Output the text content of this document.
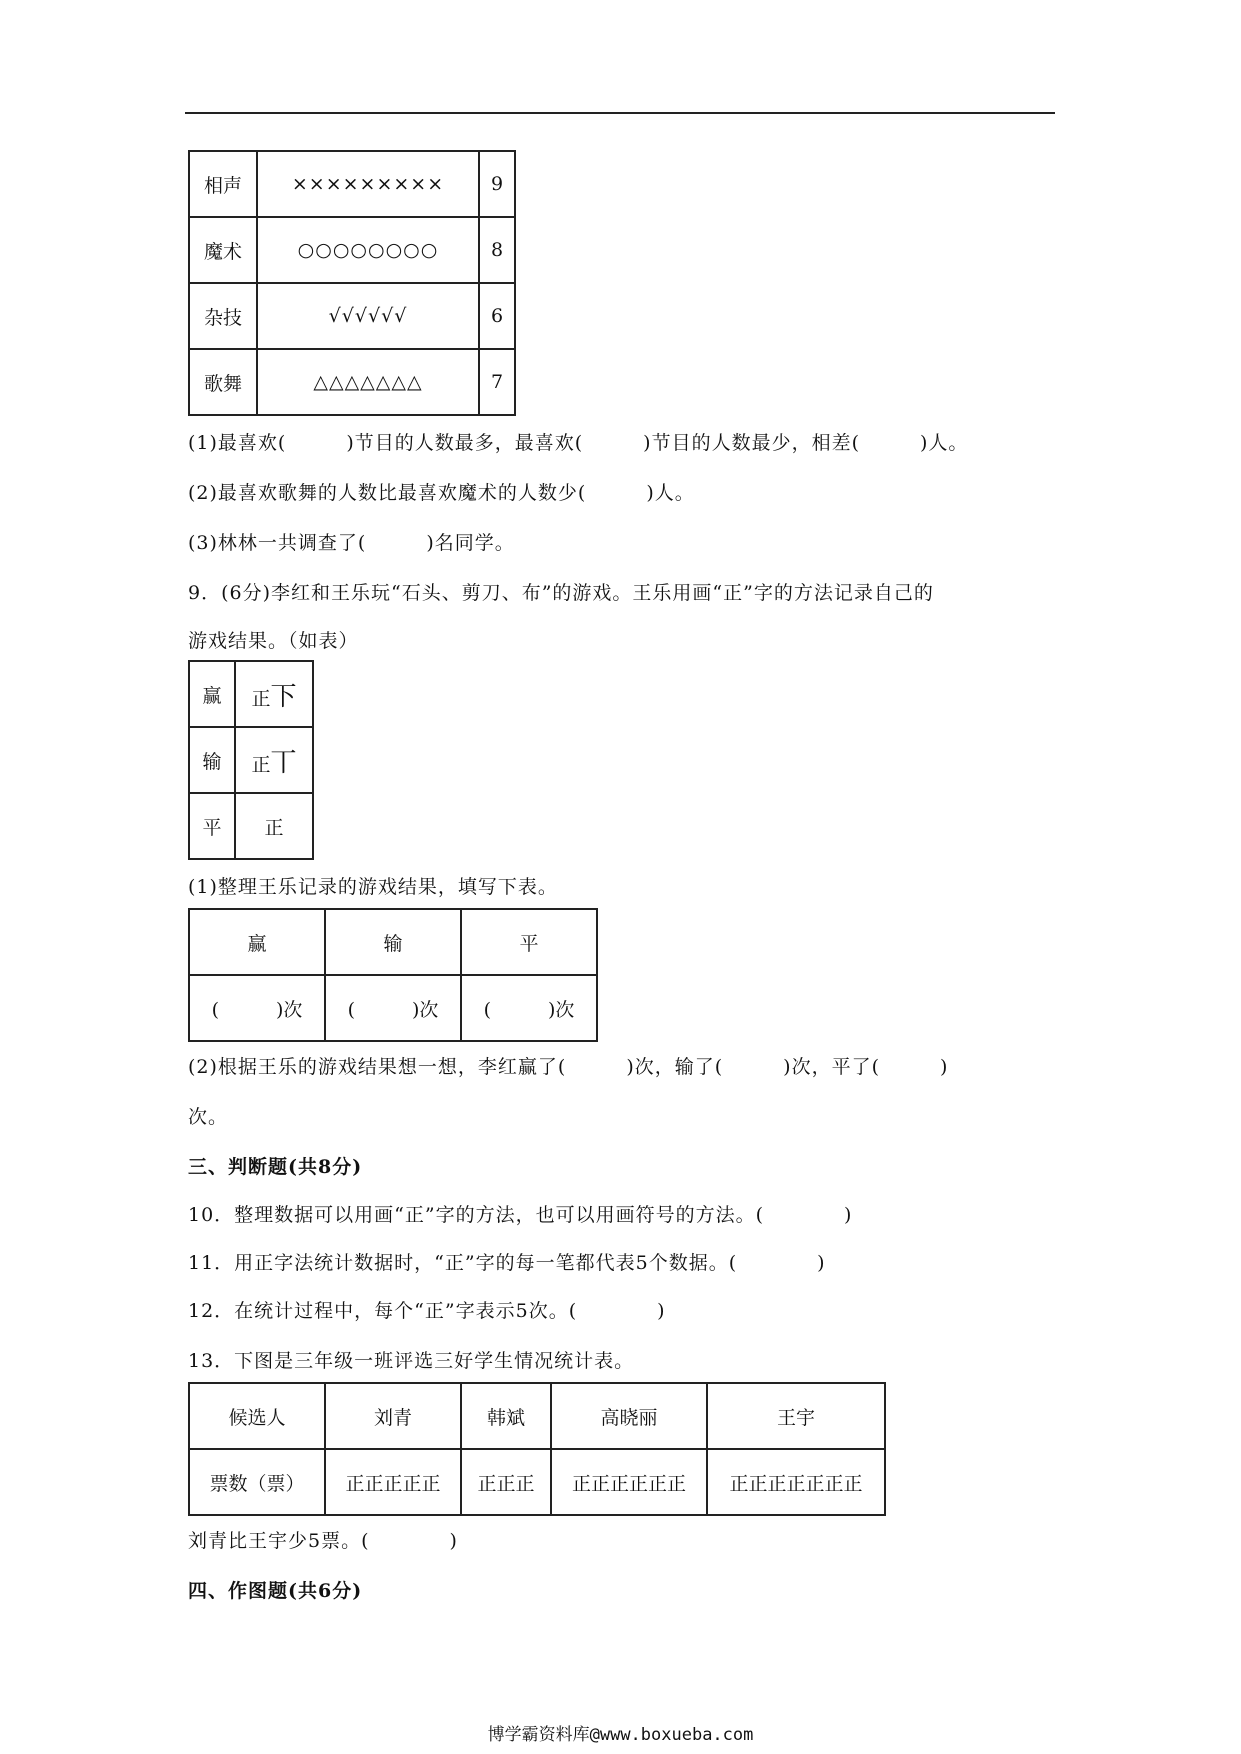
相声	×××××××××	9
魔术	○○○○○○○○	8
杂技	√√√√√√	6
歌舞	△△△△△△△	7
(1)最喜欢(　　　)节目的人数最多，最喜欢(　　　)节目的人数最少，相差(　　　)人。
(2)最喜欢歌舞的人数比最喜欢魔术的人数少(　　　)人。
(3)林林一共调查了(　　　)名同学。
9．(6分)李红和王乐玩“石头、剪刀、布”的游戏。王乐用画“正”字的方法记录自己的
游戏结果。（如表）
赢	正下
输	正丅
平	正
(1)整理王乐记录的游戏结果，填写下表。
赢	输	平
(　　　)次	(　　　)次	(　　　)次
(2)根据王乐的游戏结果想一想，李红赢了(　　　)次，输了(　　　)次，平了(　　　)
次。
三、判断题(共8分)
10．整理数据可以用画“正”字的方法，也可以用画符号的方法。(　　　　)
11．用正字法统计数据时，“正”字的每一笔都代表5个数据。(　　　　)
12．在统计过程中，每个“正”字表示5次。(　　　　)
13．下图是三年级一班评选三好学生情况统计表。
候选人	刘青	韩斌	高晓丽	王宇
票数（票）	正正正正正	正正正	正正正正正正	正正正正正正正
刘青比王宇少5票。(　　　　)
四、作图题(共6分)
博学霸资料库@www.boxueba.com
